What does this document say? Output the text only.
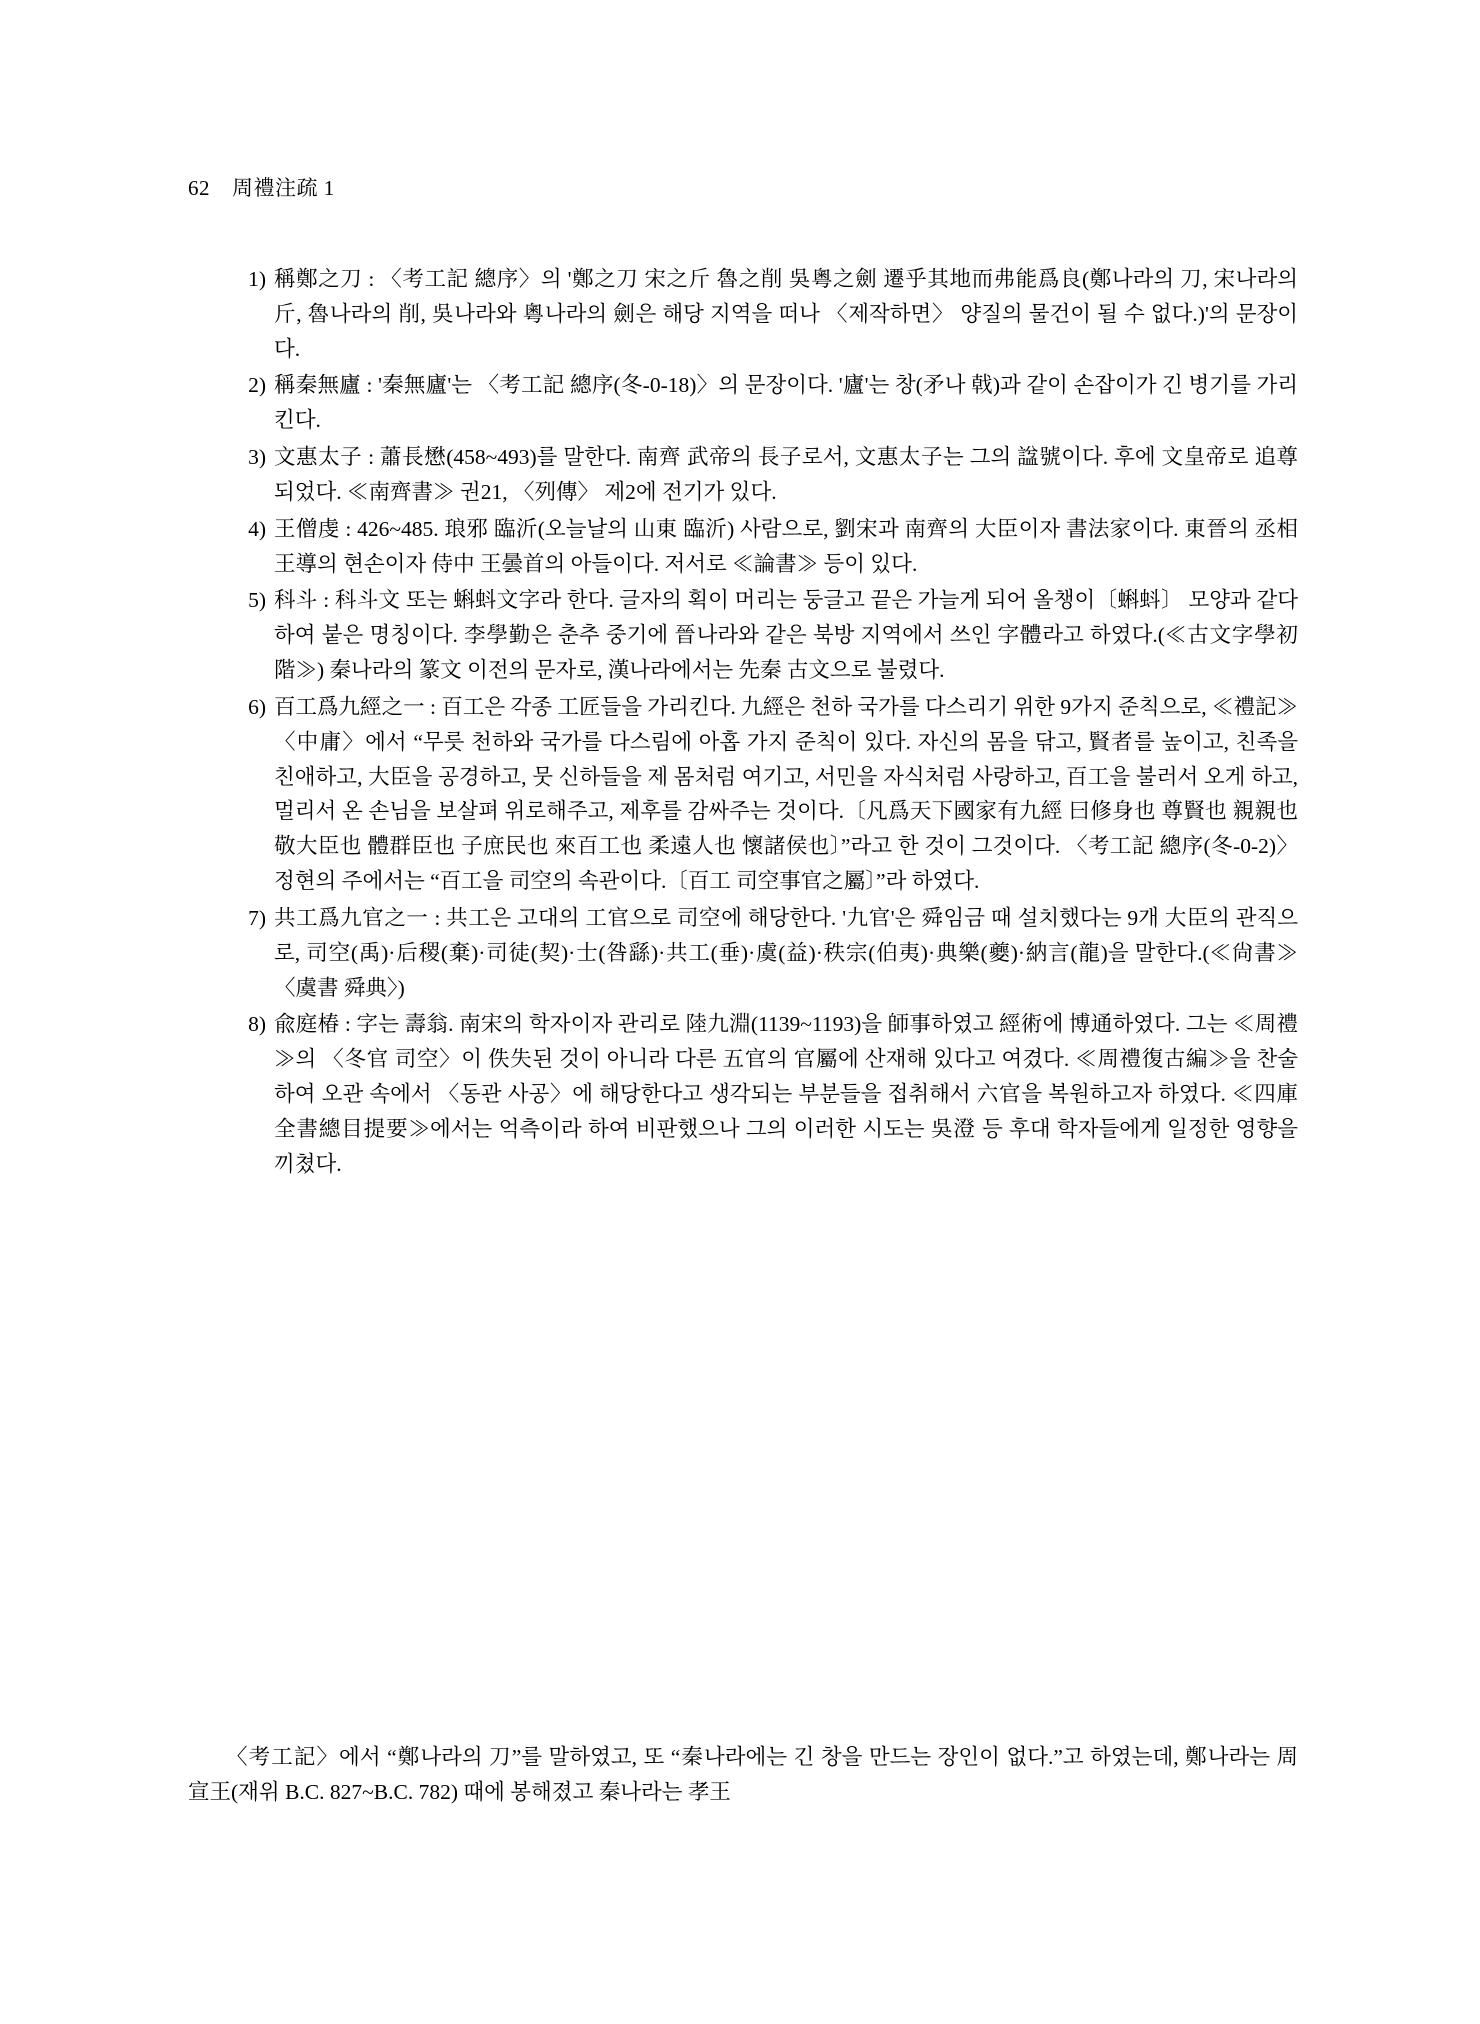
62 周禮注疏 1
1) 稱鄭之刀 : 〈考工記 總序〉의 '鄭之刀 宋之斤 魯之削 吳粵之劍 遷乎其地而弗能爲良(鄭나라의 刀, 宋나라의 斤, 魯나라의 削, 吳나라와 粵나라의 劍은 해당 지역을 떠나 〈제작하면〉 양질의 물건이 될 수 없다.)'의 문장이다.
2) 稱秦無廬 : '秦無廬'는 〈考工記 總序(冬-0-18)〉의 문장이다. '廬'는 창(矛나 戟)과 같이 손잡이가 긴 병기를 가리킨다.
3) 文惠太子 : 蕭長懋(458~493)를 말한다. 南齊 武帝의 長子로서, 文惠太子는 그의 諡號이다. 후에 文皇帝로 追尊되었다. ≪南齊書≫ 권21, 〈列傳〉 제2에 전기가 있다.
4) 王僧虔 : 426~485. 琅邪 臨沂(오늘날의 山東 臨沂) 사람으로, 劉宋과 南齊의 大臣이자 書法家이다. 東晉의 丞相 王導의 현손이자 侍中 王曇首의 아들이다. 저서로 ≪論書≫ 등이 있다.
5) 科斗 : 科斗文 또는 蝌蚪文字라 한다. 글자의 획이 머리는 둥글고 끝은 가늘게 되어 올챙이〔蝌蚪〕 모양과 같다 하여 붙은 명칭이다. 李學勤은 춘추 중기에 晉나라와 같은 북방 지역에서 쓰인 字體라고 하였다.(≪古文字學初階≫) 秦나라의 篆文 이전의 문자로, 漢나라에서는 先秦 古文으로 불렸다.
6) 百工爲九經之一 : 百工은 각종 工匠들을 가리킨다. 九經은 천하 국가를 다스리기 위한 9가지 준칙으로, ≪禮記≫ 〈中庸〉에서 “무릇 천하와 국가를 다스림에 아홉 가지 준칙이 있다. 자신의 몸을 닦고, 賢者를 높이고, 친족을 친애하고, 大臣을 공경하고, 뭇 신하들을 제 몸처럼 여기고, 서민을 자식처럼 사랑하고, 百工을 불러서 오게 하고, 멀리서 온 손님을 보살펴 위로해주고, 제후를 감싸주는 것이다.〔凡爲天下國家有九經 曰修身也 尊賢也 親親也 敬大臣也 體群臣也 子庶民也 來百工也 柔遠人也 懷諸侯也〕”라고 한 것이 그것이다. 〈考工記 總序(冬-0-2)〉 정현의 주에서는 “百工을 司空의 속관이다.〔百工 司空事官之屬〕”라 하였다.
7) 共工爲九官之一 : 共工은 고대의 工官으로 司空에 해당한다. '九官'은 舜임금 때 설치했다는 9개 大臣의 관직으로, 司空(禹)·后稷(棄)·司徒(契)·士(咎繇)·共工(垂)·虞(益)·秩宗(伯夷)·典樂(夔)·納言(龍)을 말한다.(≪尙書≫ 〈虞書 舜典〉)
8) 兪庭椿 : 字는 壽翁. 南宋의 학자이자 관리로 陸九淵(1139~1193)을 師事하였고 經術에 博通하였다. 그는 ≪周禮≫의 〈冬官 司空〉이 佚失된 것이 아니라 다른 五官의 官屬에 산재해 있다고 여겼다. ≪周禮復古編≫을 찬술하여 오관 속에서 〈동관 사공〉에 해당한다고 생각되는 부분들을 접취해서 六官을 복원하고자 하였다. ≪四庫全書總目提要≫에서는 억측이라 하여 비판했으나 그의 이러한 시도는 吳澄 등 후대 학자들에게 일정한 영향을 끼쳤다.

〈考工記〉에서 “鄭나라의 刀”를 말하였고, 또 “秦나라에는 긴 창을 만드는 장인이 없다.”고 하였는데, 鄭나라는 周 宣王(재위 B.C. 827~B.C. 782) 때에 봉해졌고 秦나라는 孝王
